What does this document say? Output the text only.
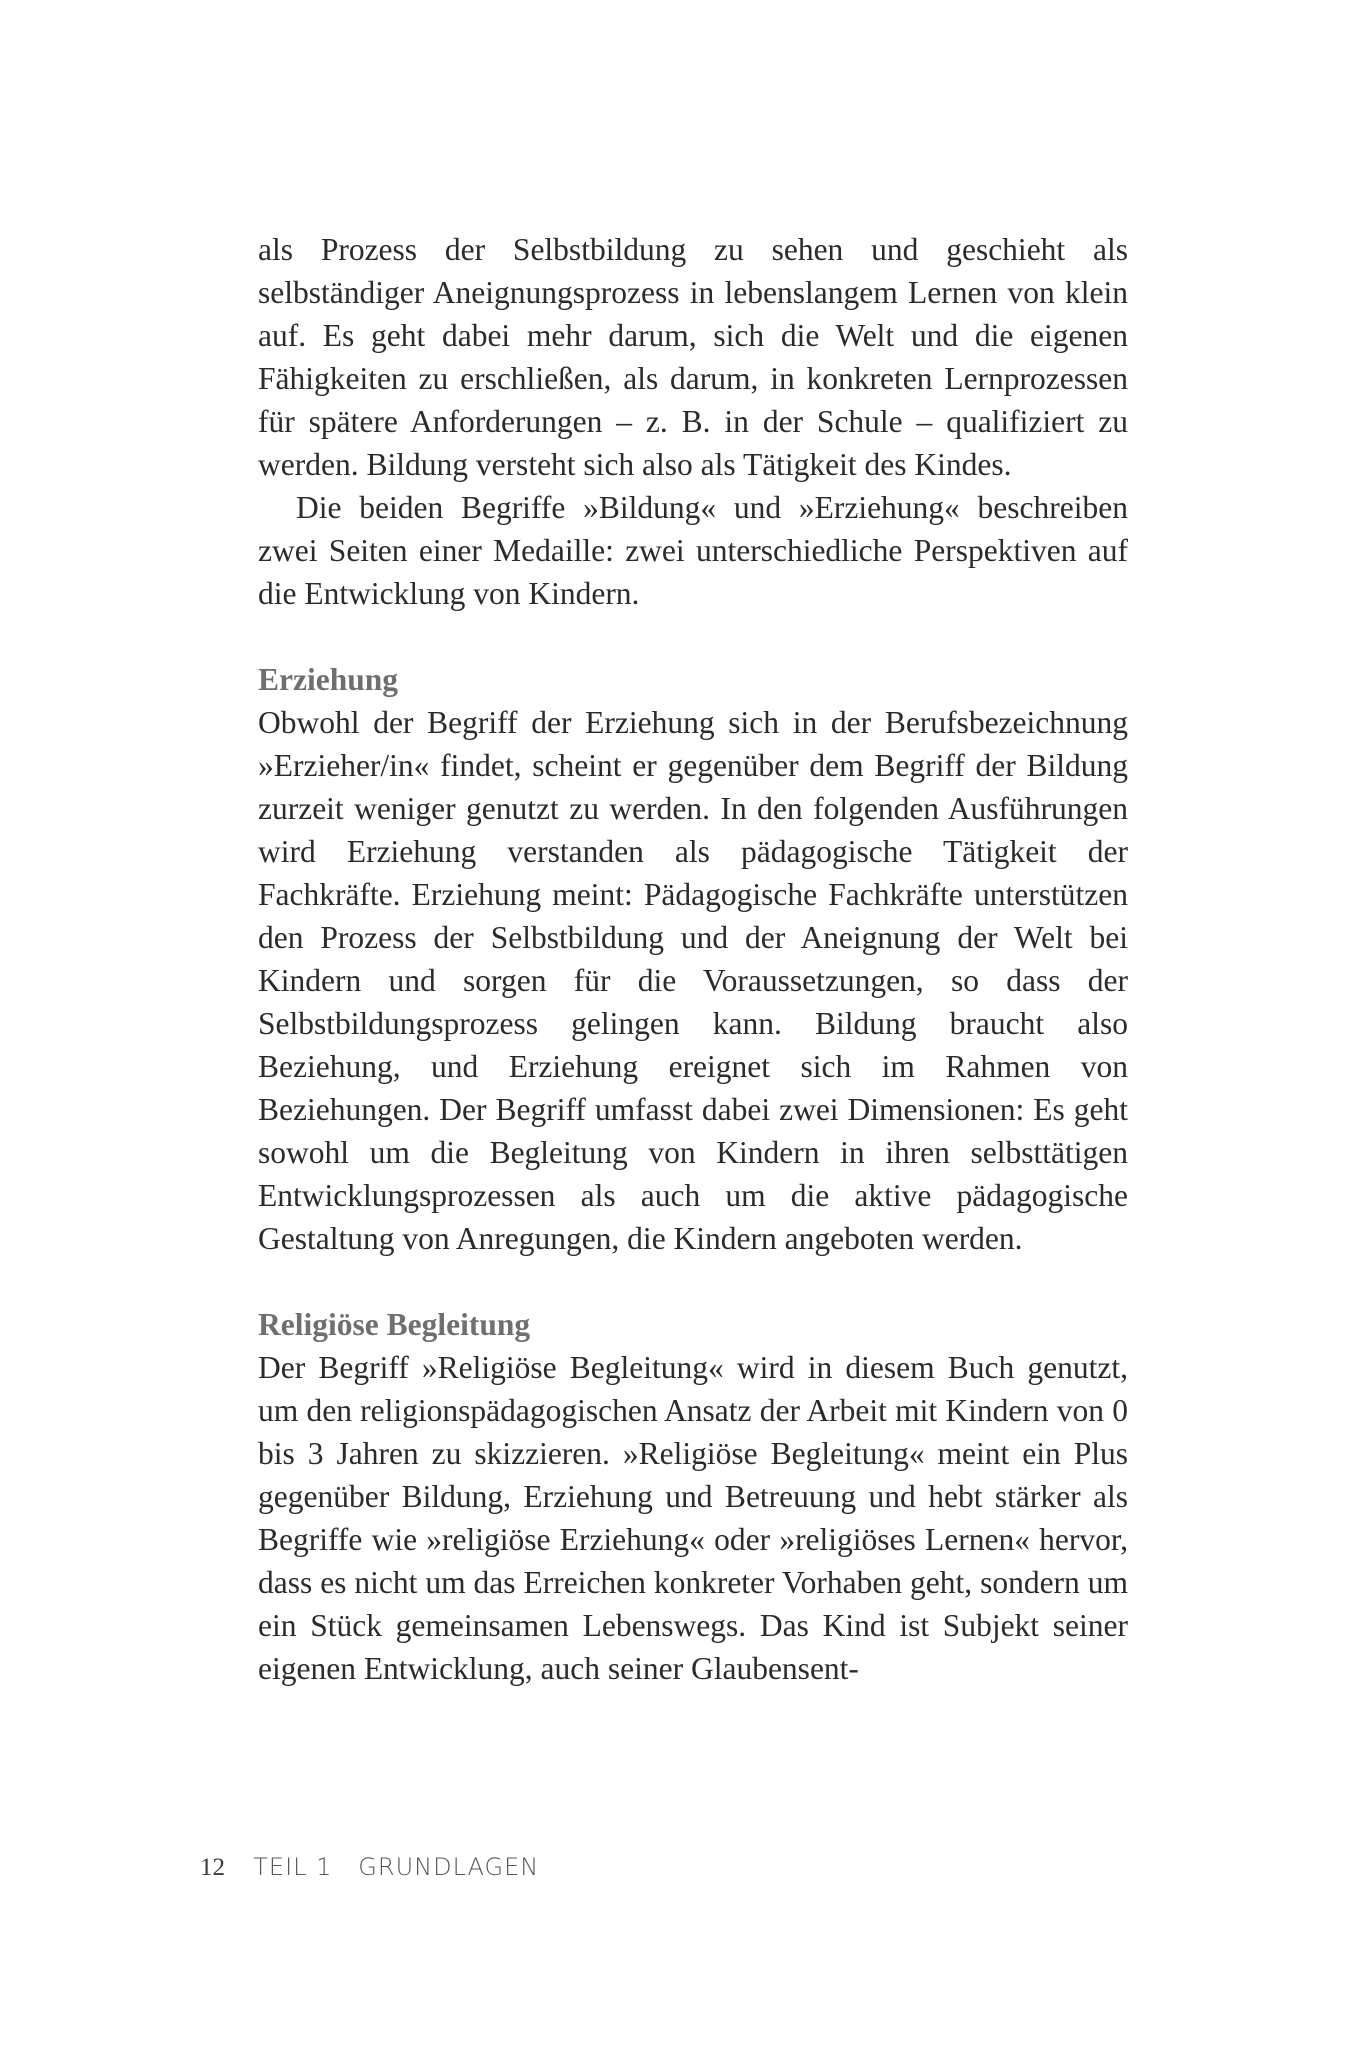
als Prozess der Selbstbildung zu sehen und geschieht als selbständiger Aneignungsprozess in lebenslangem Lernen von klein auf. Es geht dabei mehr darum, sich die Welt und die eigenen Fähigkeiten zu erschließen, als darum, in konkreten Lernprozessen für spätere Anforderungen – z. B. in der Schule – qualifiziert zu werden. Bildung versteht sich also als Tätigkeit des Kindes.

Die beiden Begriffe »Bildung« und »Erziehung« beschreiben zwei Seiten einer Medaille: zwei unterschiedliche Perspektiven auf die Entwicklung von Kindern.

Erziehung

Obwohl der Begriff der Erziehung sich in der Berufsbezeichnung »Erzieher/in« findet, scheint er gegenüber dem Begriff der Bildung zurzeit weniger genutzt zu werden. In den folgenden Ausführungen wird Erziehung verstanden als pädagogische Tätigkeit der Fachkräfte. Erziehung meint: Pädagogische Fachkräfte unterstützen den Prozess der Selbstbildung und der Aneignung der Welt bei Kindern und sorgen für die Voraussetzungen, so dass der Selbstbildungsprozess gelingen kann. Bildung braucht also Beziehung, und Erziehung ereignet sich im Rahmen von Beziehungen. Der Begriff umfasst dabei zwei Dimensionen: Es geht sowohl um die Begleitung von Kindern in ihren selbsttätigen Entwicklungsprozessen als auch um die aktive pädagogische Gestaltung von Anregungen, die Kindern angeboten werden.

Religiöse Begleitung

Der Begriff »Religiöse Begleitung« wird in diesem Buch genutzt, um den religionspädagogischen Ansatz der Arbeit mit Kindern von 0 bis 3 Jahren zu skizzieren. »Religiöse Begleitung« meint ein Plus gegenüber Bildung, Erziehung und Betreuung und hebt stärker als Begriffe wie »religiöse Erziehung« oder »religiöses Lernen« hervor, dass es nicht um das Erreichen konkreter Vorhaben geht, sondern um ein Stück gemeinsamen Lebenswegs. Das Kind ist Subjekt seiner eigenen Entwicklung, auch seiner Glaubensent-

12 TEIL 1   GRUNDLAGEN
